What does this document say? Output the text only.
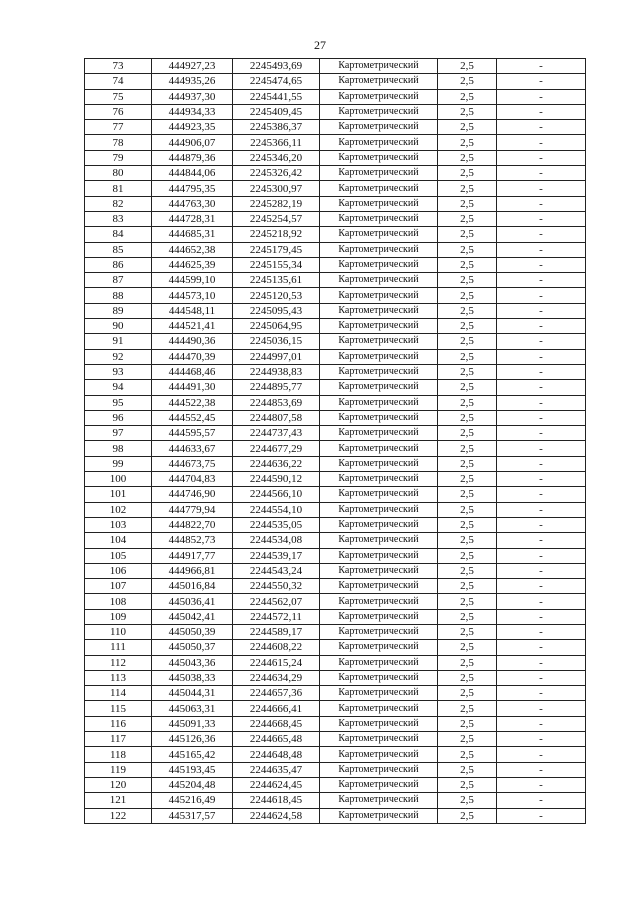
27
73	444927,23	2245493,69	Картометрический	2,5	-
74	444935,26	2245474,65	Картометрический	2,5	-
75	444937,30	2245441,55	Картометрический	2,5	-
76	444934,33	2245409,45	Картометрический	2,5	-
77	444923,35	2245386,37	Картометрический	2,5	-
78	444906,07	2245366,11	Картометрический	2,5	-
79	444879,36	2245346,20	Картометрический	2,5	-
80	444844,06	2245326,42	Картометрический	2,5	-
81	444795,35	2245300,97	Картометрический	2,5	-
82	444763,30	2245282,19	Картометрический	2,5	-
83	444728,31	2245254,57	Картометрический	2,5	-
84	444685,31	2245218,92	Картометрический	2,5	-
85	444652,38	2245179,45	Картометрический	2,5	-
86	444625,39	2245155,34	Картометрический	2,5	-
87	444599,10	2245135,61	Картометрический	2,5	-
88	444573,10	2245120,53	Картометрический	2,5	-
89	444548,11	2245095,43	Картометрический	2,5	-
90	444521,41	2245064,95	Картометрический	2,5	-
91	444490,36	2245036,15	Картометрический	2,5	-
92	444470,39	2244997,01	Картометрический	2,5	-
93	444468,46	2244938,83	Картометрический	2,5	-
94	444491,30	2244895,77	Картометрический	2,5	-
95	444522,38	2244853,69	Картометрический	2,5	-
96	444552,45	2244807,58	Картометрический	2,5	-
97	444595,57	2244737,43	Картометрический	2,5	-
98	444633,67	2244677,29	Картометрический	2,5	-
99	444673,75	2244636,22	Картометрический	2,5	-
100	444704,83	2244590,12	Картометрический	2,5	-
101	444746,90	2244566,10	Картометрический	2,5	-
102	444779,94	2244554,10	Картометрический	2,5	-
103	444822,70	2244535,05	Картометрический	2,5	-
104	444852,73	2244534,08	Картометрический	2,5	-
105	444917,77	2244539,17	Картометрический	2,5	-
106	444966,81	2244543,24	Картометрический	2,5	-
107	445016,84	2244550,32	Картометрический	2,5	-
108	445036,41	2244562,07	Картометрический	2,5	-
109	445042,41	2244572,11	Картометрический	2,5	-
110	445050,39	2244589,17	Картометрический	2,5	-
111	445050,37	2244608,22	Картометрический	2,5	-
112	445043,36	2244615,24	Картометрический	2,5	-
113	445038,33	2244634,29	Картометрический	2,5	-
114	445044,31	2244657,36	Картометрический	2,5	-
115	445063,31	2244666,41	Картометрический	2,5	-
116	445091,33	2244668,45	Картометрический	2,5	-
117	445126,36	2244665,48	Картометрический	2,5	-
118	445165,42	2244648,48	Картометрический	2,5	-
119	445193,45	2244635,47	Картометрический	2,5	-
120	445204,48	2244624,45	Картометрический	2,5	-
121	445216,49	2244618,45	Картометрический	2,5	-
122	445317,57	2244624,58	Картометрический	2,5	-
